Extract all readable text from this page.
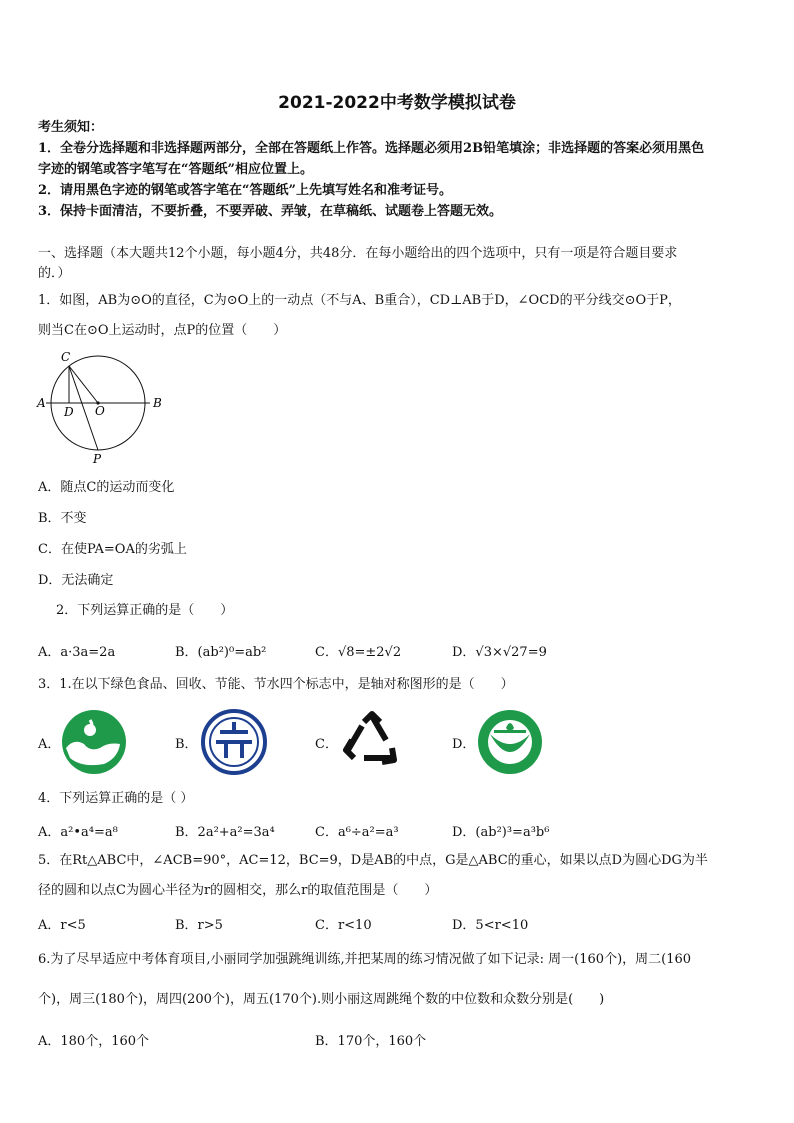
2021-2022中考数学模拟试卷
考生须知：
1．全卷分选择题和非选择题两部分，全部在答题纸上作答。选择题必须用2B铅笔填涂；非选择题的答案必须用黑色
字迹的钢笔或答字笔写在“答题纸”相应位置上。
2．请用黑色字迹的钢笔或答字笔在“答题纸”上先填写姓名和准考证号。
3．保持卡面清洁，不要折叠，不要弄破、弄皱，在草稿纸、试题卷上答题无效。
一、选择题（本大题共12个小题，每小题4分，共48分．在每小题给出的四个选项中，只有一项是符合题目要求
的．）
1．如图，AB为⊙O的直径，C为⊙O上的一动点（不与A、B重合），CD⊥AB于D，∠OCD的平分线交⊙O于P，
则当C在⊙O上运动时，点P的位置（　　）
A	B
C
D O
P
A．随点C的运动而变化
B．不变
C．在使PA=OA的劣弧上
D．无法确定
2．下列运算正确的是（　　）
A．a·3a=2a	B．(ab²)⁰=ab²	C．√8=±2√2	D．√3×√27=9
3．1.在以下绿色食品、回收、节能、节水四个标志中，是轴对称图形的是（　　）
A．	B．	C．	D．
4．下列运算正确的是（ ）
A．a²•a⁴=a⁸	B．2a²+a²=3a⁴	C．a⁶÷a²=a³	D．(ab²)³=a³b⁶
5．在Rt△ABC中，∠ACB=90°，AC=12，BC=9，D是AB的中点，G是△ABC的重心，如果以点D为圆心DG为半
径的圆和以点C为圆心半径为r的圆相交，那么r的取值范围是（　　）
A．r<5	B．r>5	C．r<10	D．5<r<10
6.为了尽早适应中考体育项目,小丽同学加强跳绳训练,并把某周的练习情况做了如下记录: 周一(160个)，周二(160
个)，周三(180个)，周四(200个)，周五(170个).则小丽这周跳绳个数的中位数和众数分别是(　　)
A．180个，160个	B．170个，160个
